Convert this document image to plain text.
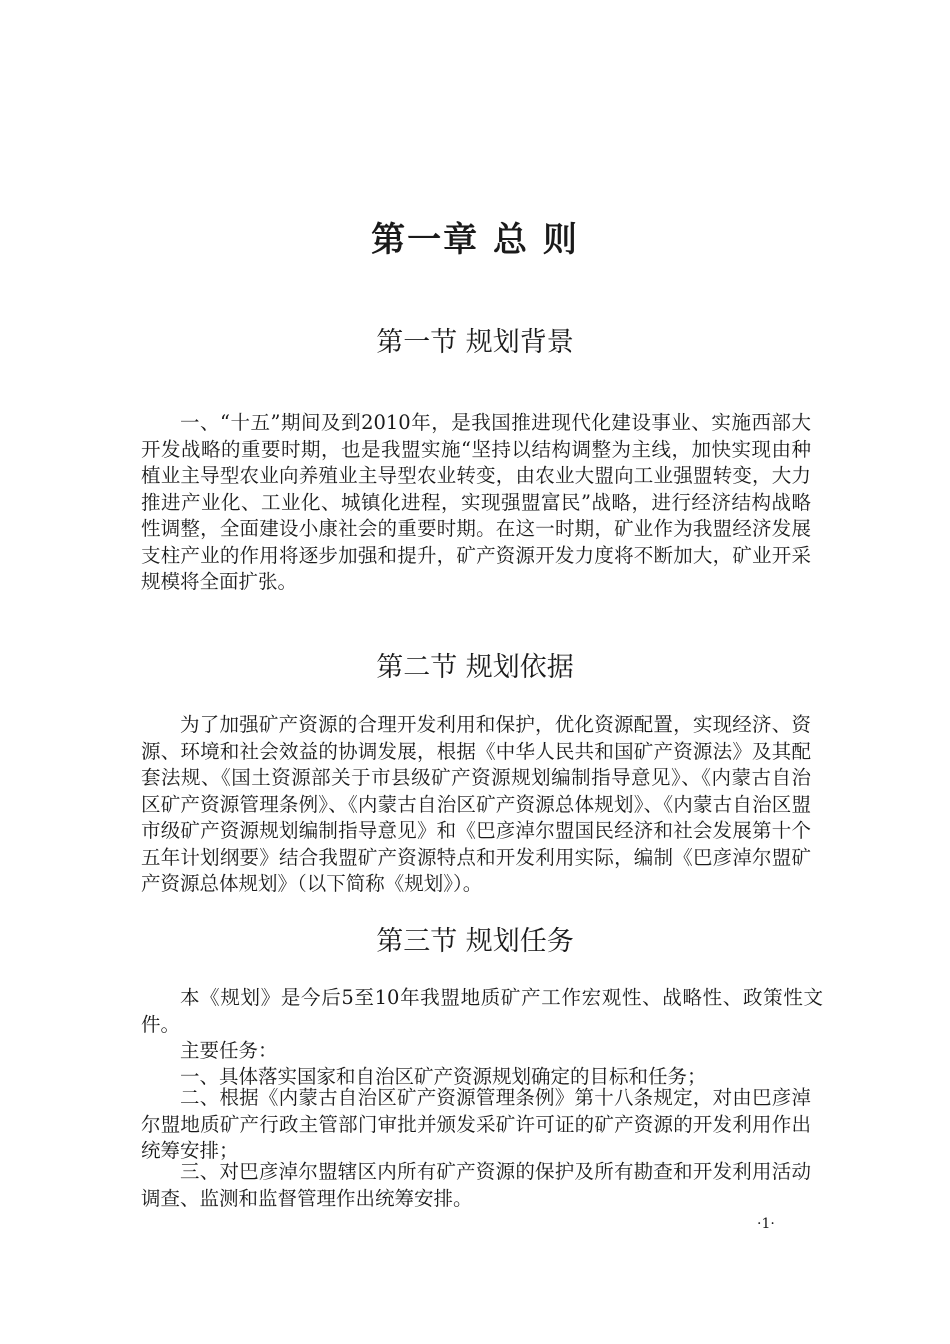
第一章 总 则
第一节 规划背景

一、“十五”期间及到2010年，是我国推进现代化建设事业、实施西部大开发战略的重要时期，也是我盟实施“坚持以结构调整为主线，加快实现由种植业主导型农业向养殖业主导型农业转变，由农业大盟向工业强盟转变，大力推进产业化、工业化、城镇化进程，实现强盟富民”战略，进行经济结构战略性调整，全面建设小康社会的重要时期。在这一时期，矿业作为我盟经济发展支柱产业的作用将逐步加强和提升，矿产资源开发力度将不断加大，矿业开采规模将全面扩张。

第二节 规划依据

为了加强矿产资源的合理开发利用和保护，优化资源配置，实现经济、资源、环境和社会效益的协调发展，根据《中华人民共和国矿产资源法》及其配套法规、《国土资源部关于市县级矿产资源规划编制指导意见》、《内蒙古自治区矿产资源管理条例》、《内蒙古自治区矿产资源总体规划》、《内蒙古自治区盟市级矿产资源规划编制指导意见》和《巴彦淖尔盟国民经济和社会发展第十个五年计划纲要》结合我盟矿产资源特点和开发利用实际，编制《巴彦淖尔盟矿产资源总体规划》（以下简称《规划》）。

第三节 规划任务

本《规划》是今后5至10年我盟地质矿产工作宏观性、战略性、政策性文件。

主要任务：

一、具体落实国家和自治区矿产资源规划确定的目标和任务；

二、根据《内蒙古自治区矿产资源管理条例》第十八条规定，对由巴彦淖尔盟地质矿产行政主管部门审批并颁发采矿许可证的矿产资源的开发利用作出统筹安排；

三、对巴彦淖尔盟辖区内所有矿产资源的保护及所有勘查和开发利用活动调查、监测和监督管理作出统筹安排。

·1·
